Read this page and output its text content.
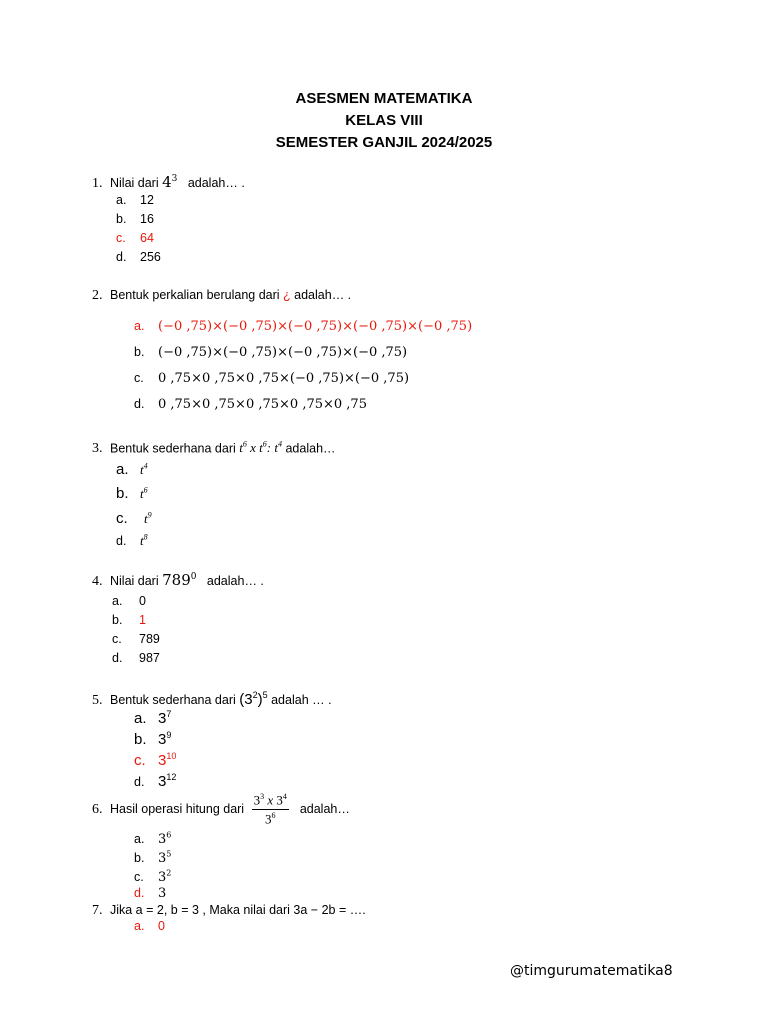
ASESMEN MATEMATIKA
KELAS VIII
SEMESTER GANJIL 2024/2025
1. Nilai dari $4^3$ adalah… .
a. 12
b. 16
c. 64
d. 256
2. Bentuk perkalian berulang dari ¿ adalah… .
a. (−0 ,75)×(−0 ,75)×(−0 ,75)×(−0 ,75)×(−0 ,75)
b. (−0 ,75)×(−0 ,75)×(−0 ,75)×(−0 ,75)
c. 0 ,75×0 ,75×0 ,75×(−0 ,75)×(−0 ,75)
d. 0 ,75×0 ,75×0 ,75×0 ,75×0 ,75
3. Bentuk sederhana dari $t^6$ x $t^6$: $t^4$ adalah…
a. $t^4$
b. $t^6$
c. $t^9$
d. $t^8$
4. Nilai dari $789^0$ adalah… .
a. 0
b. 1
c. 789
d. 987
5. Bentuk sederhana dari $(3^2)^5$ adalah … .
a. $3^7$
b. $3^9$
c. $3^{10}$
d. $3^{12}$
6. Hasil operasi hitung dari $\frac{3^3 x 3^4}{3^6}$ adalah…
a. $3^6$
b. $3^5$
c. $3^2$
d. 3
7. Jika a = 2, b = 3 , Maka nilai dari 3a − 2b = ….
a. 0
@timgurumatematika8
